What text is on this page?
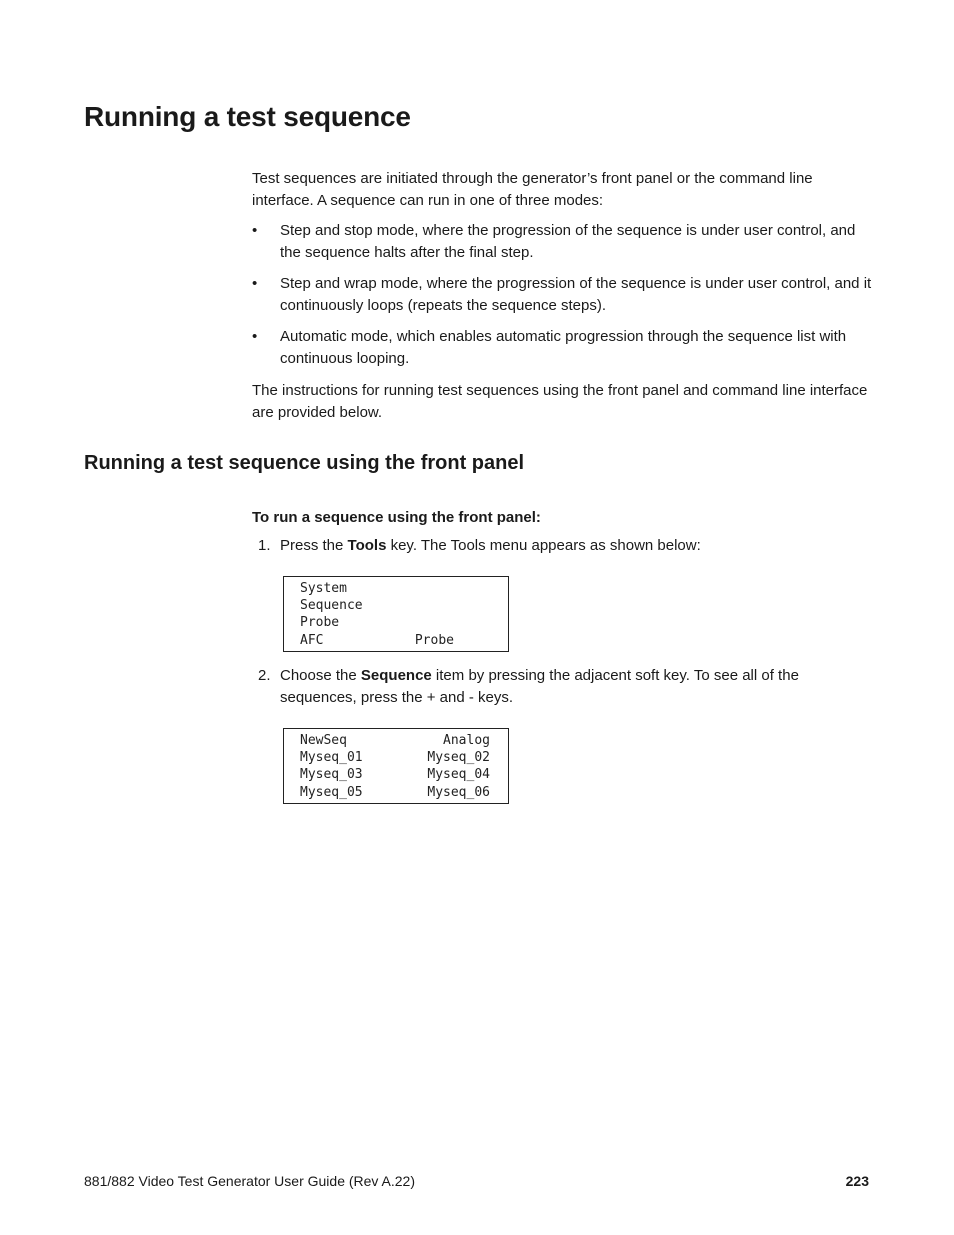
Running a test sequence

Test sequences are initiated through the generator’s front panel or the command line interface. A sequence can run in one of three modes:

• Step and stop mode, where the progression of the sequence is under user control, and the sequence halts after the final step.
• Step and wrap mode, where the progression of the sequence is under user control, and it continuously loops (repeats the sequence steps).
• Automatic mode, which enables automatic progression through the sequence list with continuous looping.

The instructions for running test sequences using the front panel and command line interface are provided below.

Running a test sequence using the front panel
To run a sequence using the front panel:
1. Press the Tools key. The Tools menu appears as shown below:
System
Sequence
Probe
AFC	Probe
2. Choose the Sequence item by pressing the adjacent soft key. To see all of the sequences, press the + and - keys.
NewSeq	Analog
Myseq_01	Myseq_02
Myseq_03	Myseq_04
Myseq_05	Myseq_06
881/882 Video Test Generator User Guide (Rev A.22)	223
